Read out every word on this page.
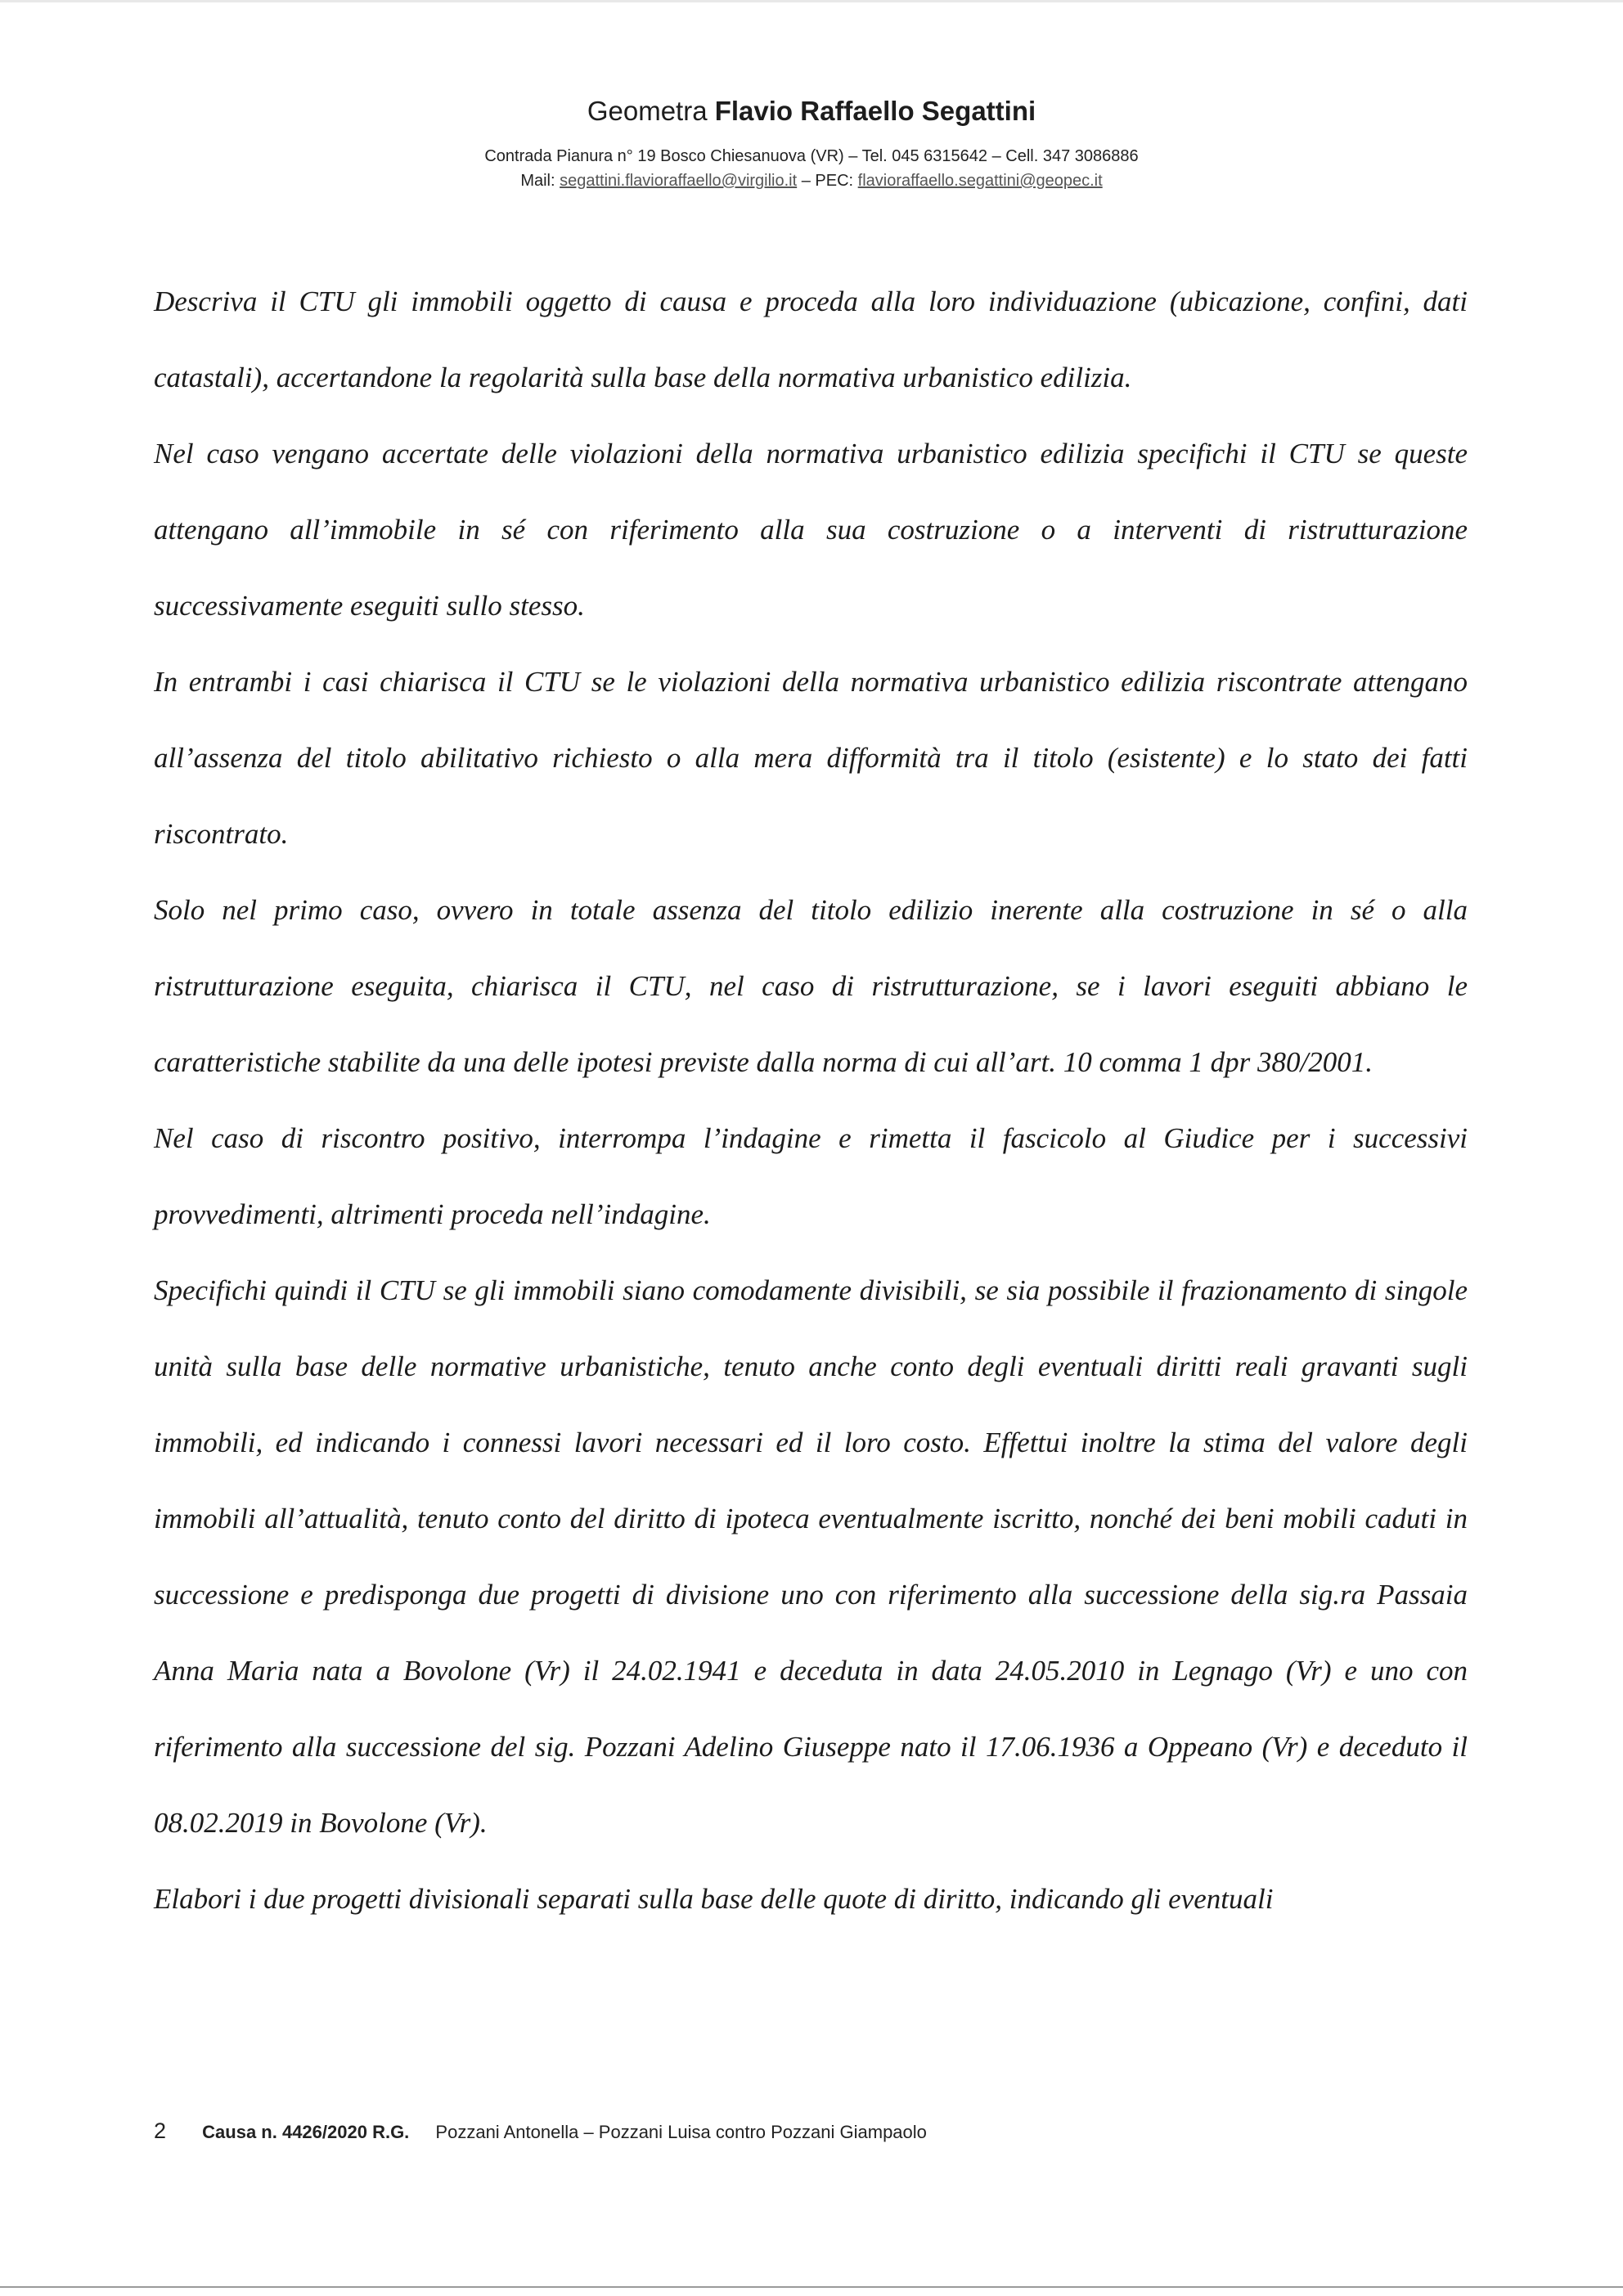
Geometra Flavio Raffaello Segattini
Contrada Pianura n° 19 Bosco Chiesanuova (VR) – Tel. 045 6315642 – Cell. 347 3086886
Mail: segattini.flavioraffaello@virgilio.it – PEC: flavioraffaello.segattini@geopec.it

Descriva il CTU gli immobili oggetto di causa e proceda alla loro individuazione (ubicazione, confini, dati catastali), accertandone la regolarità sulla base della normativa urbanistico edilizia.

Nel caso vengano accertate delle violazioni della normativa urbanistico edilizia specifichi il CTU se queste attengano all’immobile in sé con riferimento alla sua costruzione o a interventi di ristrutturazione successivamente eseguiti sullo stesso.

In entrambi i casi chiarisca il CTU se le violazioni della normativa urbanistico edilizia riscontrate attengano all’assenza del titolo abilitativo richiesto o alla mera difformità tra il titolo (esistente) e lo stato dei fatti riscontrato.

Solo nel primo caso, ovvero in totale assenza del titolo edilizio inerente alla costruzione in sé o alla ristrutturazione eseguita, chiarisca il CTU, nel caso di ristrutturazione, se i lavori eseguiti abbiano le caratteristiche stabilite da una delle ipotesi previste dalla norma di cui all’art. 10 comma 1 dpr 380/2001.

Nel caso di riscontro positivo, interrompa l’indagine e rimetta il fascicolo al Giudice per i successivi provvedimenti, altrimenti proceda nell’indagine.

Specifichi quindi il CTU se gli immobili siano comodamente divisibili, se sia possibile il frazionamento di singole unità sulla base delle normative urbanistiche, tenuto anche conto degli eventuali diritti reali gravanti sugli immobili, ed indicando i connessi lavori necessari ed il loro costo. Effettui inoltre la stima del valore degli immobili all’attualità, tenuto conto del diritto di ipoteca eventualmente iscritto, nonché dei beni mobili caduti in successione e predisponga due progetti di divisione uno con riferimento alla successione della sig.ra Passaia Anna Maria nata a Bovolone (Vr) il 24.02.1941 e deceduta in data 24.05.2010 in Legnago (Vr) e uno con riferimento alla successione del sig. Pozzani Adelino Giuseppe nato il 17.06.1936 a Oppeano (Vr) e deceduto il 08.02.2019 in Bovolone (Vr).

Elabori i due progetti divisionali separati sulla base delle quote di diritto, indicando gli eventuali

2 Causa n. 4426/2020 R.G. Pozzani Antonella – Pozzani Luisa contro Pozzani Giampaolo
